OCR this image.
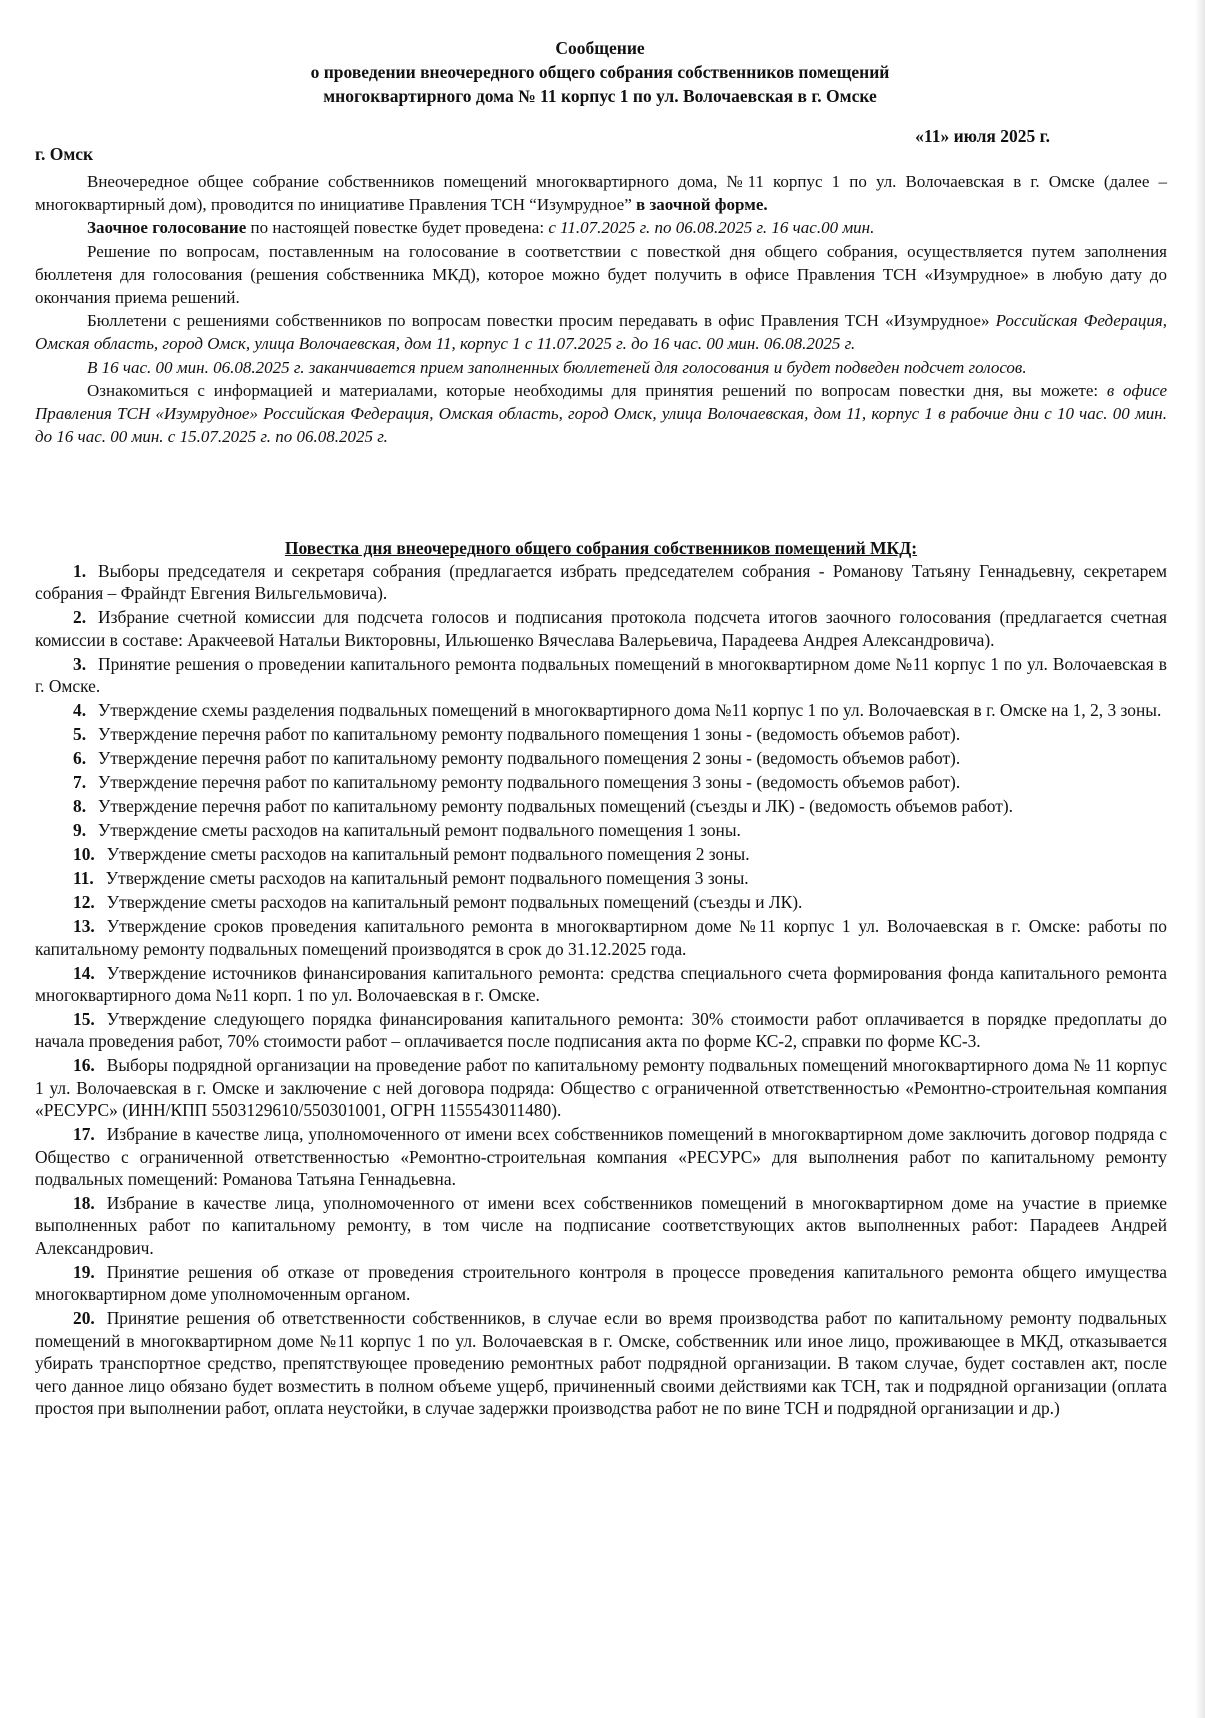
Сообщение
о проведении внеочередного общего собрания собственников помещений
многоквартирного дома № 11 корпус 1 по ул. Волочаевская в г. Омске
«11» июля 2025 г.
г. Омск

Внеочередное общее собрание собственников помещений многоквартирного дома, №11 корпус 1 по ул. Волочаевская в г. Омске (далее – многоквартирный дом), проводится по инициативе Правления ТСН “Изумрудное” в заочной форме.

Заочное голосование по настоящей повестке будет проведена: с 11.07.2025 г. по 06.08.2025 г. 16 час.00 мин.

Решение по вопросам, поставленным на голосование в соответствии с повесткой дня общего собрания, осуществляется путем заполнения бюллетеня для голосования (решения собственника МКД), которое можно будет получить в офисе Правления ТСН «Изумрудное» в любую дату до окончания приема решений.

Бюллетени с решениями собственников по вопросам повестки просим передавать в офис Правления ТСН «Изумрудное» Российская Федерация, Омская область, город Омск, улица Волочаевская, дом 11, корпус 1 с 11.07.2025 г. до 16 час. 00 мин. 06.08.2025 г.

В 16 час. 00 мин. 06.08.2025 г. заканчивается прием заполненных бюллетеней для голосования и будет подведен подсчет голосов.

Ознакомиться с информацией и материалами, которые необходимы для принятия решений по вопросам повестки дня, вы можете: в офисе Правления ТСН «Изумрудное» Российская Федерация, Омская область, город Омск, улица Волочаевская, дом 11, корпус 1 в рабочие дни с 10 час. 00 мин. до 16 час. 00 мин. с 15.07.2025 г. по 06.08.2025 г.

Повестка дня внеочередного общего собрания собственников помещений МКД:

1. Выборы председателя и секретаря собрания (предлагается избрать председателем собрания - Романову Татьяну Геннадьевну, секретарем собрания – Фрайндт Евгения Вильгельмовича).

2. Избрание счетной комиссии для подсчета голосов и подписания протокола подсчета итогов заочного голосования (предлагается счетная комиссии в составе: Аракчеевой Натальи Викторовны, Ильюшенко Вячеслава Валерьевича, Парадеева Андрея Александровича).

3. Принятие решения о проведении капитального ремонта подвальных помещений в многоквартирном доме №11 корпус 1 по ул. Волочаевская в г. Омске.

4. Утверждение схемы разделения подвальных помещений в многоквартирного дома №11 корпус 1 по ул. Волочаевская в г. Омске на 1, 2, 3 зоны.

5. Утверждение перечня работ по капитальному ремонту подвального помещения 1 зоны - (ведомость объемов работ).

6. Утверждение перечня работ по капитальному ремонту подвального помещения 2 зоны - (ведомость объемов работ).

7. Утверждение перечня работ по капитальному ремонту подвального помещения 3 зоны - (ведомость объемов работ).

8. Утверждение перечня работ по капитальному ремонту подвальных помещений (съезды и ЛК) - (ведомость объемов работ).

9. Утверждение сметы расходов на капитальный ремонт подвального помещения 1 зоны.

10. Утверждение сметы расходов на капитальный ремонт подвального помещения 2 зоны.

11. Утверждение сметы расходов на капитальный ремонт подвального помещения 3 зоны.

12. Утверждение сметы расходов на капитальный ремонт подвальных помещений (съезды и ЛК).

13. Утверждение сроков проведения капитального ремонта в многоквартирном доме №11 корпус 1 ул. Волочаевская в г. Омске: работы по капитальному ремонту подвальных помещений производятся в срок до 31.12.2025 года.

14. Утверждение источников финансирования капитального ремонта: средства специального счета формирования фонда капитального ремонта многоквартирного дома №11 корп. 1 по ул. Волочаевская в г. Омске.

15. Утверждение следующего порядка финансирования капитального ремонта: 30% стоимости работ оплачивается в порядке предоплаты до начала проведения работ, 70% стоимости работ – оплачивается после подписания акта по форме КС-2, справки по форме КС-3.

16. Выборы подрядной организации на проведение работ по капитальному ремонту подвальных помещений многоквартирного дома № 11 корпус 1 ул. Волочаевская в г. Омске и заключение с ней договора подряда: Общество с ограниченной ответственностью «Ремонтно-строительная компания «РЕСУРС» (ИНН/КПП 5503129610/550301001, ОГРН 1155543011480).

17. Избрание в качестве лица, уполномоченного от имени всех собственников помещений в многоквартирном доме заключить договор подряда с Общество с ограниченной ответственностью «Ремонтно-строительная компания «РЕСУРС» для выполнения работ по капитальному ремонту подвальных помещений: Романова Татьяна Геннадьевна.

18. Избрание в качестве лица, уполномоченного от имени всех собственников помещений в многоквартирном доме на участие в приемке выполненных работ по капитальному ремонту, в том числе на подписание соответствующих актов выполненных работ: Парадеев Андрей Александрович.

19. Принятие решения об отказе от проведения строительного контроля в процессе проведения капитального ремонта общего имущества многоквартирном доме уполномоченным органом.

20. Принятие решения об ответственности собственников, в случае если во время производства работ по капитальному ремонту подвальных помещений в многоквартирном доме №11 корпус 1 по ул. Волочаевская в г. Омске, собственник или иное лицо, проживающее в МКД, отказывается убирать транспортное средство, препятствующее проведению ремонтных работ подрядной организации. В таком случае, будет составлен акт, после чего данное лицо обязано будет возместить в полном объеме ущерб, причиненный своими действиями как ТСН, так и подрядной организации (оплата простоя при выполнении работ, оплата неустойки, в случае задержки производства работ не по вине ТСН и подрядной организации и др.)
